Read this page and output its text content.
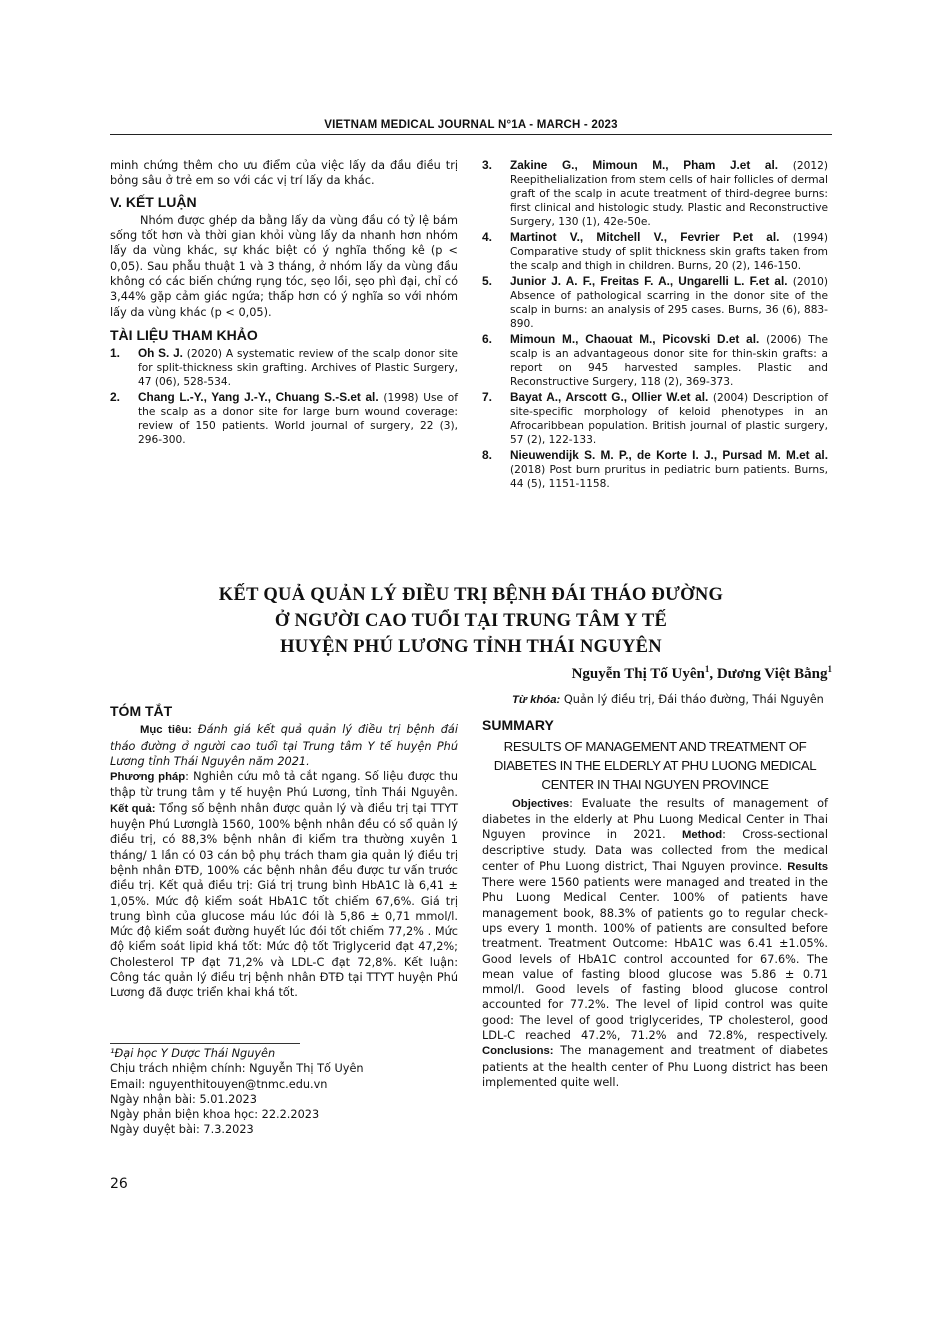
VIETNAM MEDICAL JOURNAL N°1A - MARCH - 2023

minh chứng thêm cho ưu điểm của việc lấy da đầu điều trị bỏng sâu ở trẻ em so với các vị trí lấy da khác.

V. KẾT LUẬN

Nhóm được ghép da bằng lấy da vùng đầu có tỷ lệ bám sống tốt hơn và thời gian khỏi vùng lấy da nhanh hơn nhóm lấy da vùng khác, sự khác biệt có ý nghĩa thống kê (p < 0,05). Sau phẫu thuật 1 và 3 tháng, ở nhóm lấy da vùng đầu không có các biến chứng rụng tóc, sẹo lồi, sẹo phì đại, chỉ có 3,44% gặp cảm giác ngứa; thấp hơn có ý nghĩa so với nhóm lấy da vùng khác (p < 0,05).

TÀI LIỆU THAM KHẢO
1. Oh S. J. (2020) A systematic review of the scalp donor site for split-thickness skin grafting. Archives of Plastic Surgery, 47 (06), 528-534.
2. Chang L.-Y., Yang J.-Y., Chuang S.-S.et al. (1998) Use of the scalp as a donor site for large burn wound coverage: review of 150 patients. World journal of surgery, 22 (3), 296-300.
3. Zakine G., Mimoun M., Pham J.et al. (2012) Reepithelialization from stem cells of hair follicles of dermal graft of the scalp in acute treatment of third-degree burns: first clinical and histologic study. Plastic and Reconstructive Surgery, 130 (1), 42e-50e.
4. Martinot V., Mitchell V., Fevrier P.et al. (1994) Comparative study of split thickness skin grafts taken from the scalp and thigh in children. Burns, 20 (2), 146-150.
5. Junior J. A. F., Freitas F. A., Ungarelli L. F.et al. (2010) Absence of pathological scarring in the donor site of the scalp in burns: an analysis of 295 cases. Burns, 36 (6), 883-890.
6. Mimoun M., Chaouat M., Picovski D.et al. (2006) The scalp is an advantageous donor site for thin-skin grafts: a report on 945 harvested samples. Plastic and Reconstructive Surgery, 118 (2), 369-373.
7. Bayat A., Arscott G., Ollier W.et al. (2004) Description of site-specific morphology of keloid phenotypes in an Afrocaribbean population. British journal of plastic surgery, 57 (2), 122-133.
8. Nieuwendijk S. M. P., de Korte I. J., Pursad M. M.et al. (2018) Post burn pruritus in pediatric burn patients. Burns, 44 (5), 1151-1158.
KẾT QUẢ QUẢN LÝ ĐIỀU TRỊ BỆNH ĐÁI THÁO ĐƯỜNG
Ở NGƯỜI CAO TUỔI TẠI TRUNG TÂM Y TẾ
HUYỆN PHÚ LƯƠNG TỈNH THÁI NGUYÊN
Nguyễn Thị Tố Uyên$^1$, Dương Việt Bằng$^1$
TÓM TẮT

Mục tiêu: Đánh giá kết quả quản lý điều trị bệnh đái tháo đường ở người cao tuổi tại Trung tâm Y tế huyện Phú Lương tỉnh Thái Nguyên năm 2021.
Phương pháp: Nghiên cứu mô tả cắt ngang. Số liệu được thu thập từ trung tâm y tế huyện Phú Lương, tỉnh Thái Nguyên. Kết quả: Tổng số bệnh nhân được quản lý và điều trị tại TTYT huyện Phú Lươnglà 1560, 100% bệnh nhân đều có sổ quản lý điều trị, có 88,3% bệnh nhân đi kiểm tra thường xuyên 1 tháng/ 1 lần có 03 cán bộ phụ trách tham gia quản lý điều trị bệnh nhân ĐTĐ, 100% các bệnh nhân đều được tư vấn trước điều trị. Kết quả điều trị: Giá trị trung bình HbA1C là 6,41 ± 1,05%. Mức độ kiểm soát HbA1C tốt chiếm 67,6%. Giá trị trung bình của glucose máu lúc đói là 5,86 ± 0,71 mmol/l. Mức độ kiểm soát đường huyết lúc đói tốt chiếm 77,2% . Mức độ kiểm soát lipid khá tốt: Mức độ tốt Triglycerid đạt 47,2%; Cholesterol TP đạt 71,2% và LDL-C đạt 72,8%. Kết luận: Công tác quản lý điều trị bệnh nhân ĐTĐ tại TTYT huyện Phú Lương đã được triển khai khá tốt.

Từ khóa: Quản lý điều trị, Đái tháo đường, Thái Nguyên

SUMMARY
RESULTS OF MANAGEMENT AND TREATMENT OF DIABETES IN THE ELDERLY AT PHU LUONG MEDICAL CENTER IN THAI NGUYEN PROVINCE

Objectives: Evaluate the results of management of diabetes in the elderly at Phu Luong Medical Center in Thai Nguyen province in 2021. Method: Cross-sectional descriptive study. Data was collected from the medical center of Phu Luong district, Thai Nguyen province. Results There were 1560 patients were managed and treated in the Phu Luong Medical Center. 100% of patients have management book, 88.3% of patients go to regular check-ups every 1 month. 100% of patients are consulted before treatment. Treatment Outcome: HbA1C was 6.41 ±1.05%. Good levels of HbA1C control accounted for 67.6%. The mean value of fasting blood glucose was 5.86 ± 0.71 mmol/l. Good levels of fasting blood glucose control accounted for 77.2%. The level of lipid control was quite good: The level of good triglycerides, TP cholesterol, good LDL-C reached 47.2%, 71.2% and 72.8%, respectively. Conclusions: The management and treatment of diabetes patients at the health center of Phu Luong district has been implemented quite well.

¹Đại học Y Dược Thái Nguyên
Chịu trách nhiệm chính: Nguyễn Thị Tố Uyên
Email: nguyenthitouyen@tnmc.edu.vn
Ngày nhận bài: 5.01.2023
Ngày phản biện khoa học: 22.2.2023
Ngày duyệt bài: 7.3.2023
26
